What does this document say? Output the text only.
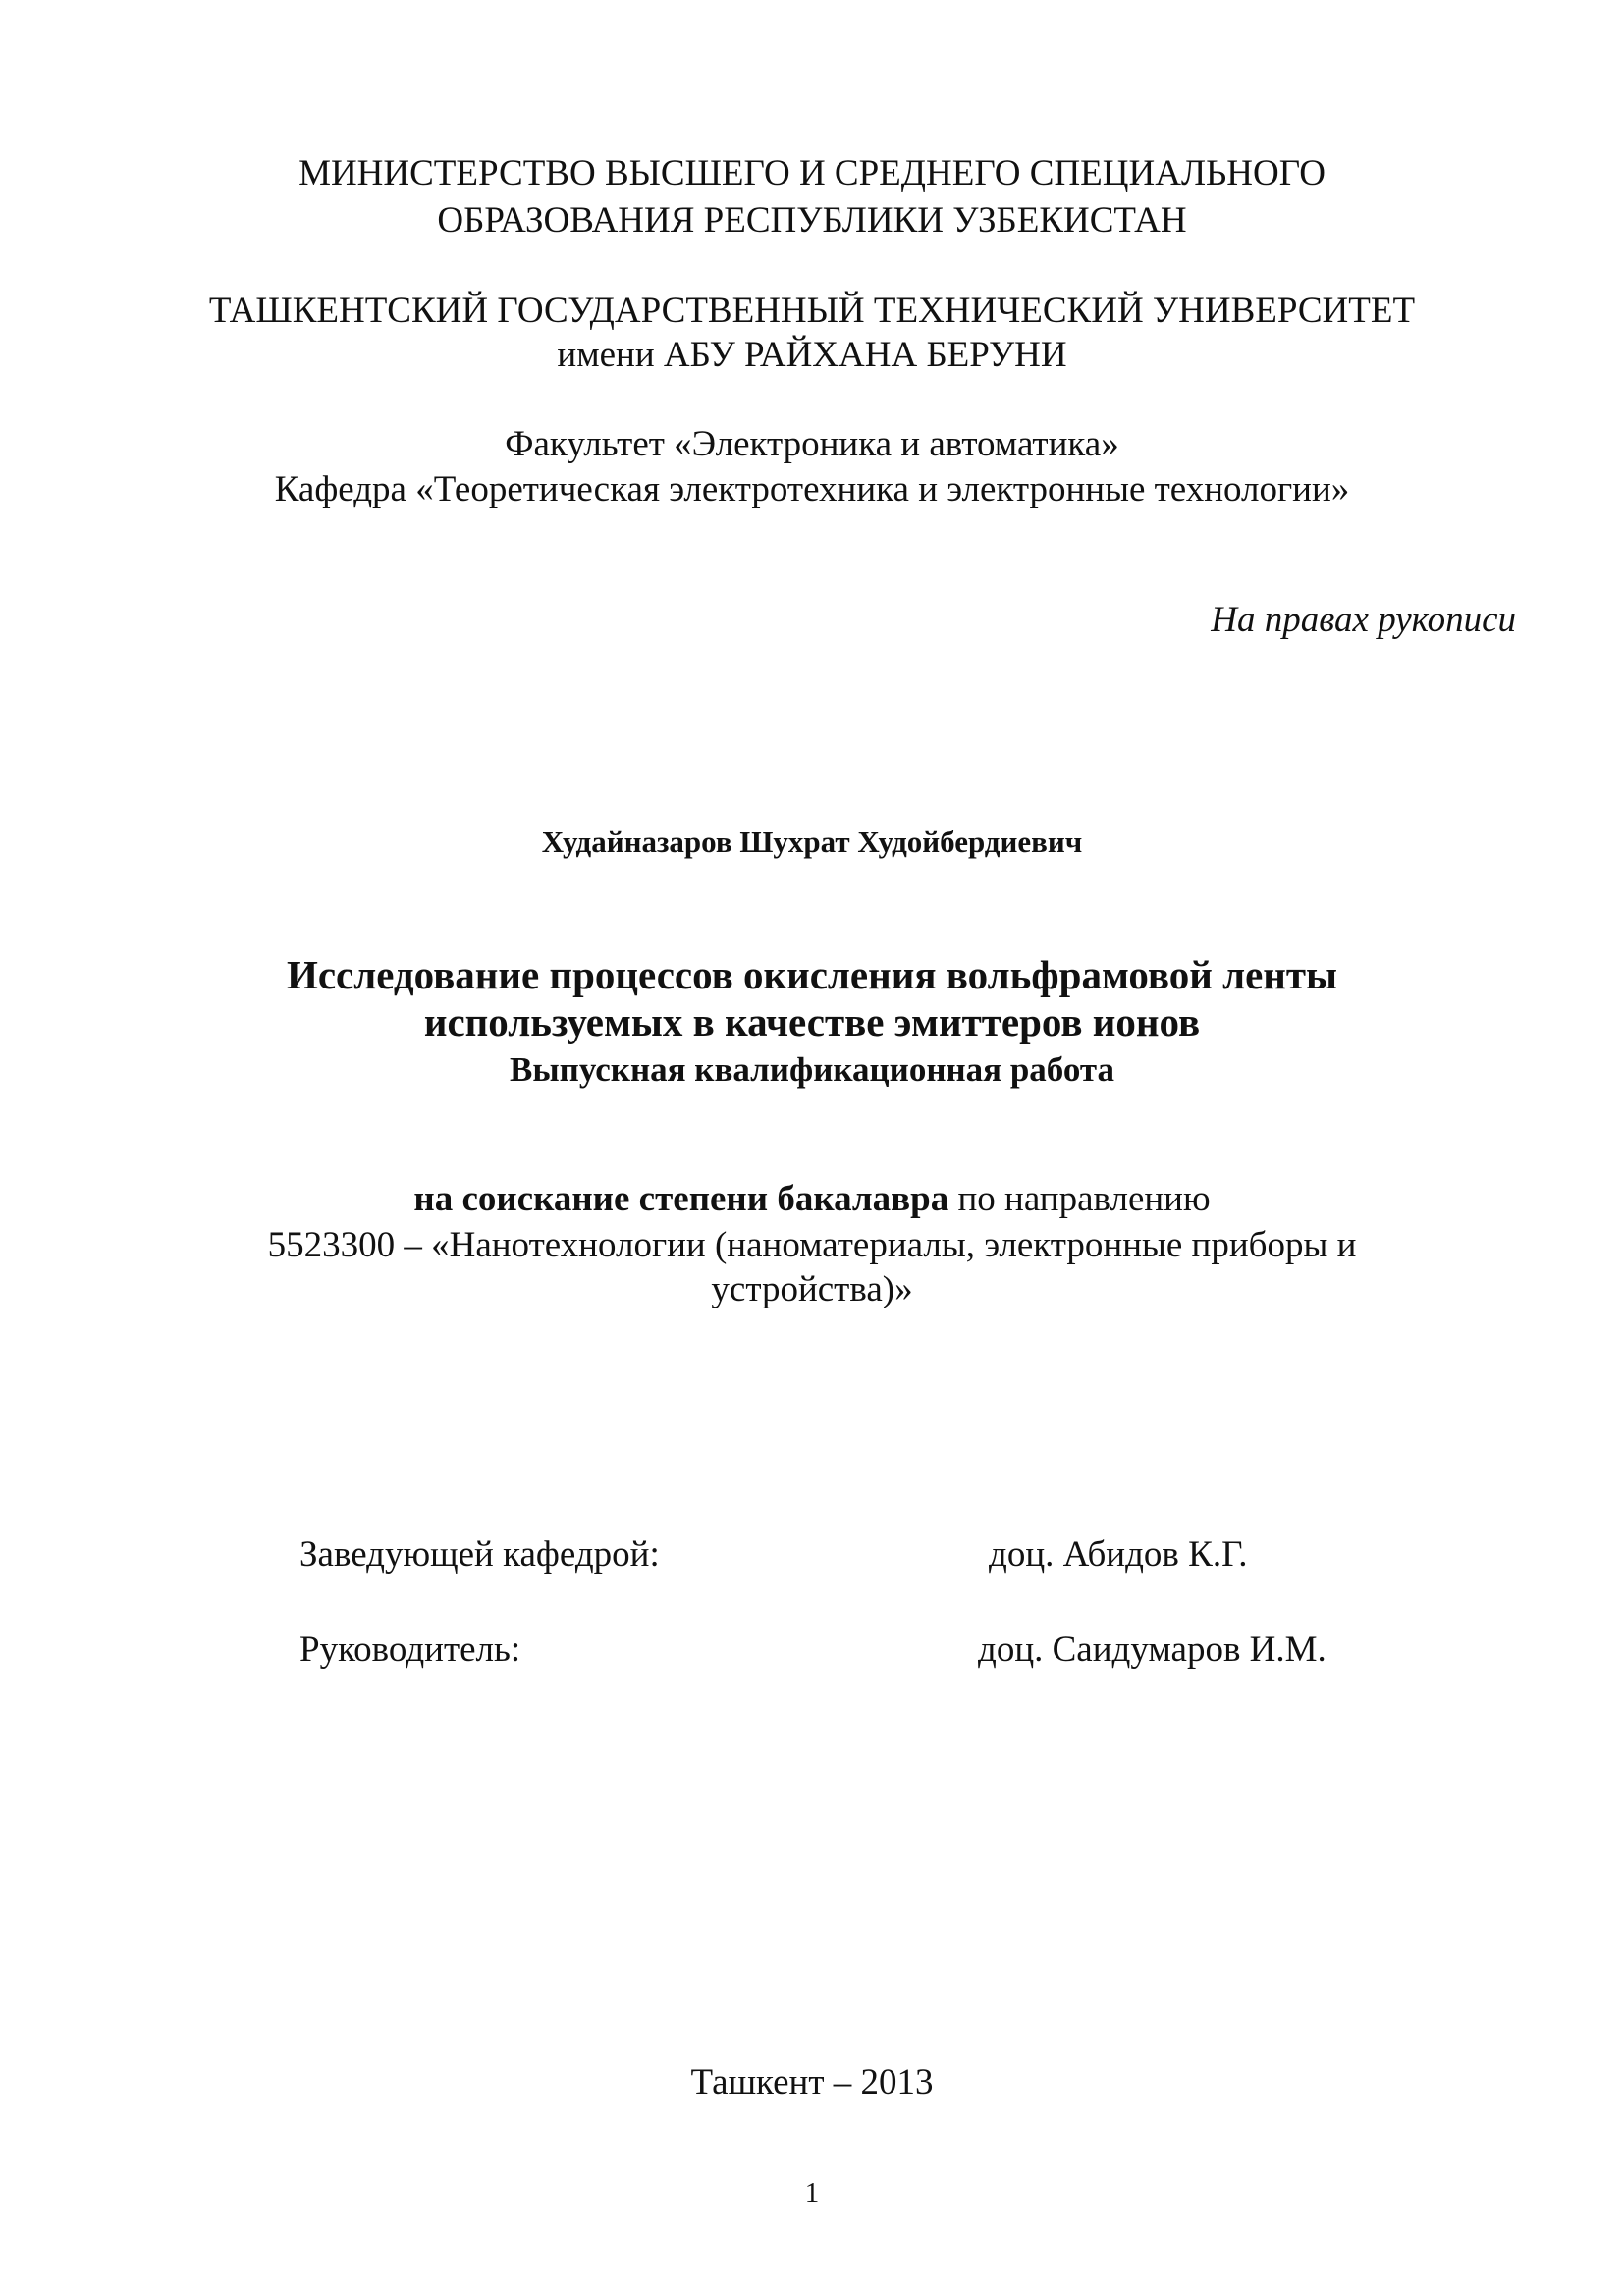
МИНИСТЕРСТВО ВЫСШЕГО И СРЕДНЕГО СПЕЦИАЛЬНОГО
ОБРАЗОВАНИЯ РЕСПУБЛИКИ УЗБЕКИСТАН
ТАШКЕНТСКИЙ ГОСУДАРСТВЕННЫЙ ТЕХНИЧЕСКИЙ УНИВЕРСИТЕТ
имени АБУ РАЙХАНА БЕРУНИ
Факультет «Электроника и автоматика»
Кафедра «Теоретическая электротехника и электронные технологии»
На правах рукописи
Худайназаров Шухрат Худойбердиевич
Исследование процессов окисления вольфрамовой ленты
используемых в качестве эмиттеров ионов
Выпускная квалификационная работа
на соискание степени бакалавра по направлению
5523300 – «Нанотехнологии (наноматериалы, электронные приборы и
устройства)»
Заведующей кафедрой:	доц. Абидов К.Г.
Руководитель:	доц. Саидумаров И.М.
Ташкент – 2013
1
